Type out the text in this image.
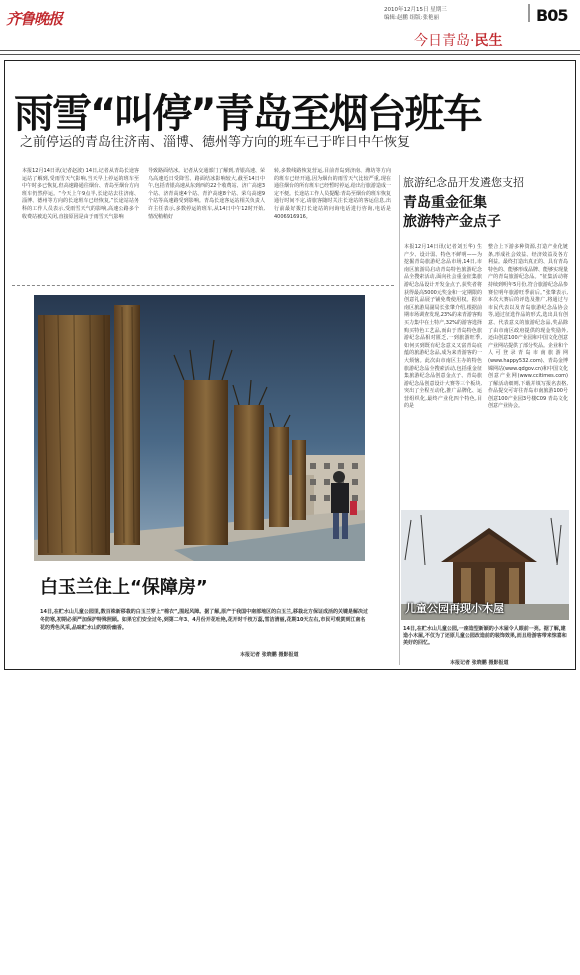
齐鲁晚报	2010年12月15日 星期三
编辑:赵鹏 组版:张艳丽	B05
今日青岛·民生
雨雪“叫停”青岛至烟台班车
之前停运的青岛往济南、淄博、德州等方向的班车已于昨日中午恢复
本报12月14日讯(记者赵波) 14日,记者从青岛长途客运站了解到,受雨雪天气影响,当天早上停运的班车至中午时多已恢复,但高速路通往烟台、青岛至烟台方向班车仍然停运。“今天上午9点半,长途站去往济南、淄博、德州等方向的长途班车已经恢复,”长途站站务科的工作人员表示,受雨雪天气的影响,高速公路多个收费站被迫关闭,直接原因是由于雨雪天气影响
导致路面结冰。记者从交通部门了解到,青银高速、荣乌高速近日受降雪、路面结冰影响较大,截至14日中午,包括青银高速从东到西的22个收费站、济广高速3个站、济青高速4个站、青沪高速8个站、荣乌高速9个站等高速路受到影响。青岛长途客运站相关负责人许主任表示,多数停运的班车,从14日中午12时开始,情况稍稍好
转,多数线路恢复营运,目前青岛到济南、潍坊等方向的班车已经开通,因为烟台的雨雪天气比较严重,现在通往烟台的所有班车已经暂时停运,给出行旅游造成一定不便。长途站工作人员提醒:青岛至烟台的班车恢复通行时间不定,请旅客随时关注长途站的客运信息,出行前最好拨打长途站的问询电话进行咨询,电话是4006916916。
白玉兰住上“保障房”
14日,在贮水山儿童公园里,数百株新移栽的白玉兰穿上“棉衣”,围起风障。据了解,原产于我国中南部地区的白玉兰,移栽北方保证成活的关键是解决过冬防寒,初期必须严加保护特殊照顾。如果它们安全过冬,到第二年3、4月份开花吐艳,花开时千枝万蕊,雪洁清丽,花期10天左右,市民可观赏到江南名花的秀色风采,品味贮水山的缤纷幽香。
本报记者 张晓鹏 摄影报道
旅游纪念品开发遴您支招
青岛重金征集
旅游特产金点子
本报12月14日讯(记者刘玉华) 生产少、设计弱、特色不鲜明——为挖掘青岛旅游纪念品市场,14日,市南区旅游局启动青岛特色旅游纪念品全搜索活动,面向社会重金征集旅游纪念品设计开发金点子,获奖者将获得最高5000元奖金和一定期限的创意礼品展子铺免费使用权。据市南区旅游局副局长张肇介绍,根据前期市场调查发现,23%的来青游客购买力集中在土特产,32%的游客选择购买特色工艺品,而由于青岛特色旅游纪念品相对匮乏,一到旅游旺季,如何买到既有纪念意义又富青岛底蕴的旅游纪念品,成为来青游客的一大烦恼。此次由市南区主办的特色旅游纪念品全搜索活动,包括重金征集旅游纪念品创意金点子、青岛旅游纪念品创意设计大赛等三个板块,突出了全程互动化,推广品牌化、运营组织化,最终产业化四个特色,目的是
整合上下游多种资源,打造产业化链条,形成社会效益、经济效益及各方利益。最终打造出真正的、具有青岛特色的、能够形成品牌、能够实现量产的青岛旅游纪念品。“征集活动将持续到明年5月份,符合旅游纪念品参赛位明年旅游旺季前后。”张肇表示,本次大赛后的评选及推广,将通过与市民代表以及青岛旅游纪念品协会等,通过征选作品的形式,选出具有创意、代表意义的旅游纪念品,奖品除了由市南区政府提供的现金奖励外,还由创意100产业园和中国文化创意产业网站提供了部分奖品。企业和个人可登录青岛市南旅游网(www.happy532.com)、青岛金博嫦网站(www.qdgov.cn)和中国文化创意产业网(www.ccitimes.com)了解活动细则,下载并填写报名表格,作品提交可寄往青岛市南旅游100号 创意100产业园3号楼C09 青岛文化创意产业协会。
儿童公园再现小木屋
14日,在贮水山儿童公园,一座造型新颖的小木屋令人眼前一亮。据了解,建造小木屋,不仅为了还原儿童公园改造前的装饰效果,而且给游客带来惊喜和美好的回忆。
本报记者 张晓鹏 摄影报道
